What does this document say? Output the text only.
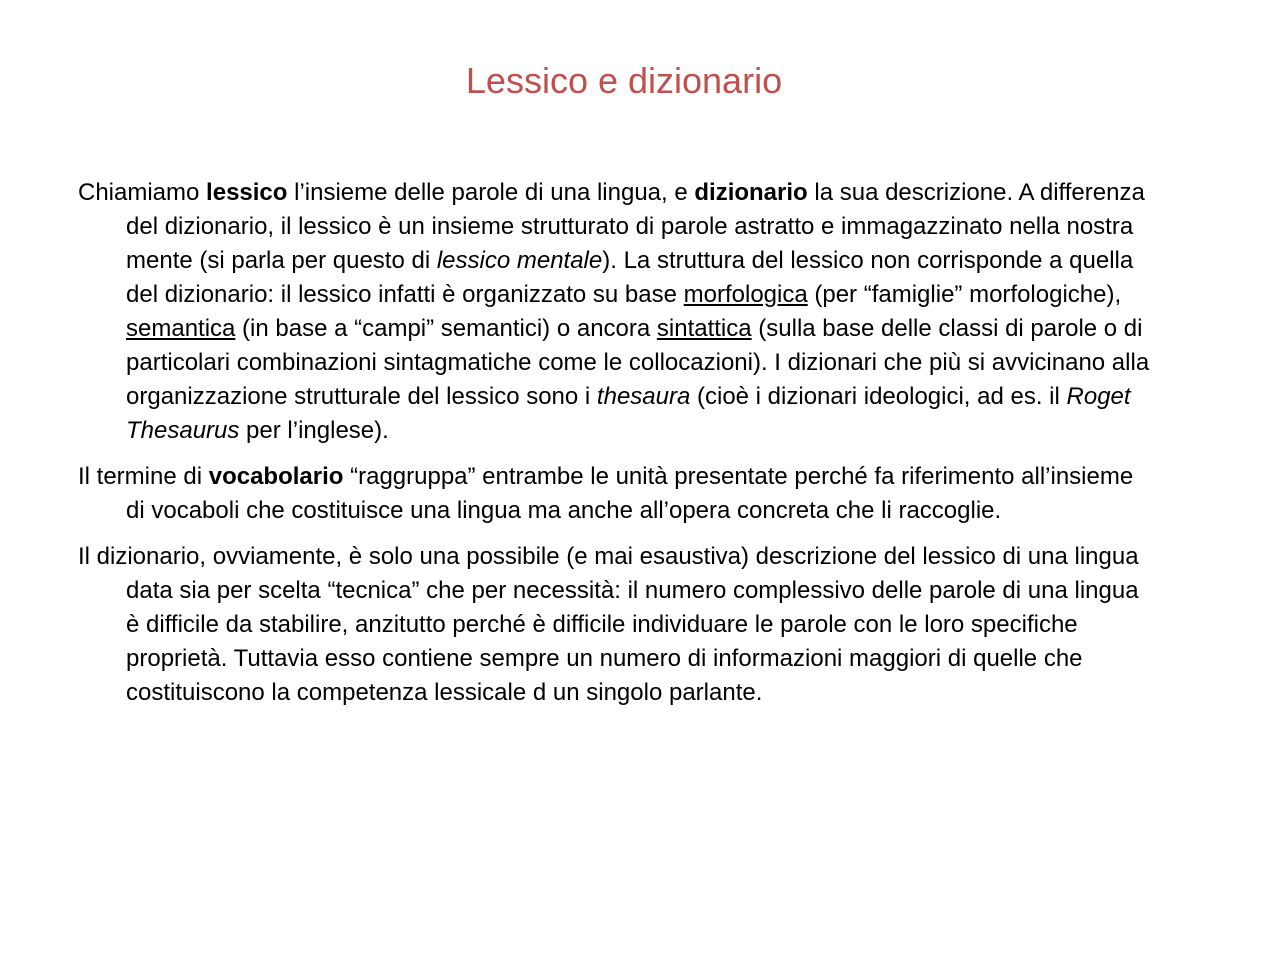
Lessico e dizionario

Chiamiamo lessico l’insieme delle parole di una lingua, e dizionario la sua descrizione. A differenza del dizionario, il lessico è un insieme strutturato di parole astratto e immagazzinato nella nostra mente (si parla per questo di lessico mentale). La struttura del lessico non corrisponde a quella del dizionario: il lessico infatti è organizzato su base morfologica (per “famiglie” morfologiche), semantica (in base a “campi” semantici) o ancora sintattica (sulla base delle classi di parole o di particolari combinazioni sintagmatiche come le collocazioni). I dizionari che più si avvicinano alla organizzazione strutturale del lessico sono i thesaura (cioè i dizionari ideologici, ad es. il Roget Thesaurus per l’inglese).

Il termine di vocabolario “raggruppa” entrambe le unità presentate perché fa riferimento all’insieme di vocaboli che costituisce una lingua ma anche all’opera concreta che li raccoglie.

Il dizionario, ovviamente, è solo una possibile (e mai esaustiva) descrizione del lessico di una lingua data sia per scelta “tecnica” che per necessità: il numero complessivo delle parole di una lingua è difficile da stabilire, anzitutto perché è difficile individuare le parole con le loro specifiche proprietà. Tuttavia esso contiene sempre un numero di informazioni maggiori di quelle che costituiscono la competenza lessicale d un singolo parlante.
